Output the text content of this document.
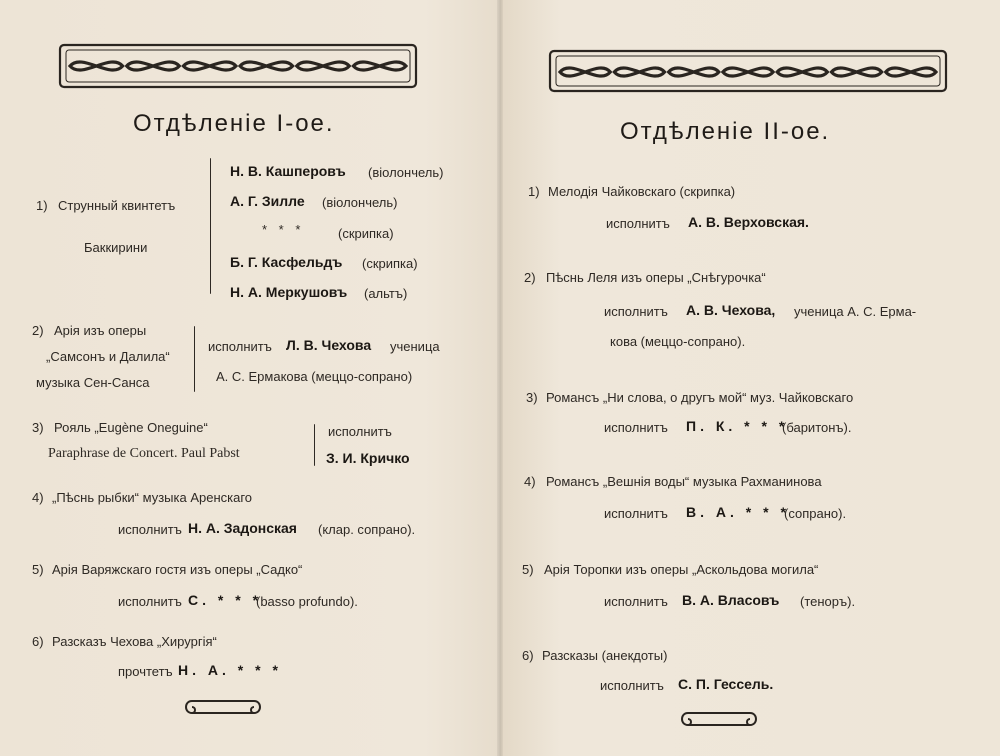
Отдѣленіе I-ое.
1) Струнный квинтетъ
Баккирини
Н. В. Кашперовъ (віолончель)
А. Г. Зилле (віолончель)
* * *	(скрипка)
Б. Г. Касфельдъ (скрипка)
Н. А. Меркушовъ (альтъ)
2) Арія изъ оперы
„Самсонъ и Далила“
музыка Сен-Санса
исполнитъ Л. В. Чехова ученица
А. С. Ермакова (меццо-сопрано)
3) Рояль „Eugène Oneguine“
Paraphrase de Concert. Paul Pabst
исполнитъ
З. И. Кричко
4) „Пѣснь рыбки“ музыка Аренскаго
исполнитъ Н. А. Задонская (клар. сопрано).
5) Арія Варяжскаго гостя изъ оперы „Садко“
исполнитъ С. * * *
(basso profundo).
6) Разсказъ Чехова „Хирургія“
прочтетъ Н. А. * * *
Отдѣленіе II-ое.
1) Мелодія Чайковскаго (скрипка)
исполнитъ А. В. Верховская.
2) Пѣснь Леля изъ оперы „Снѣгурочка“
исполнитъ А. В. Чехова, ученица А. С. Ерма-
кова (меццо-сопрано).
3) Романсъ „Ни слова, о другъ мой“ муз. Чайковскаго
исполнитъ П. К. * * *
(баритонъ).
4) Романсъ „Вешнія воды“ музыка Рахманинова
исполнитъ В. А. * * *
(сопрано).
5) Арія Торопки изъ оперы „Аскольдова могила“
исполнитъ В. А. Власовъ (теноръ).
6) Разсказы (анекдоты)
исполнитъ С. П. Гессель.
